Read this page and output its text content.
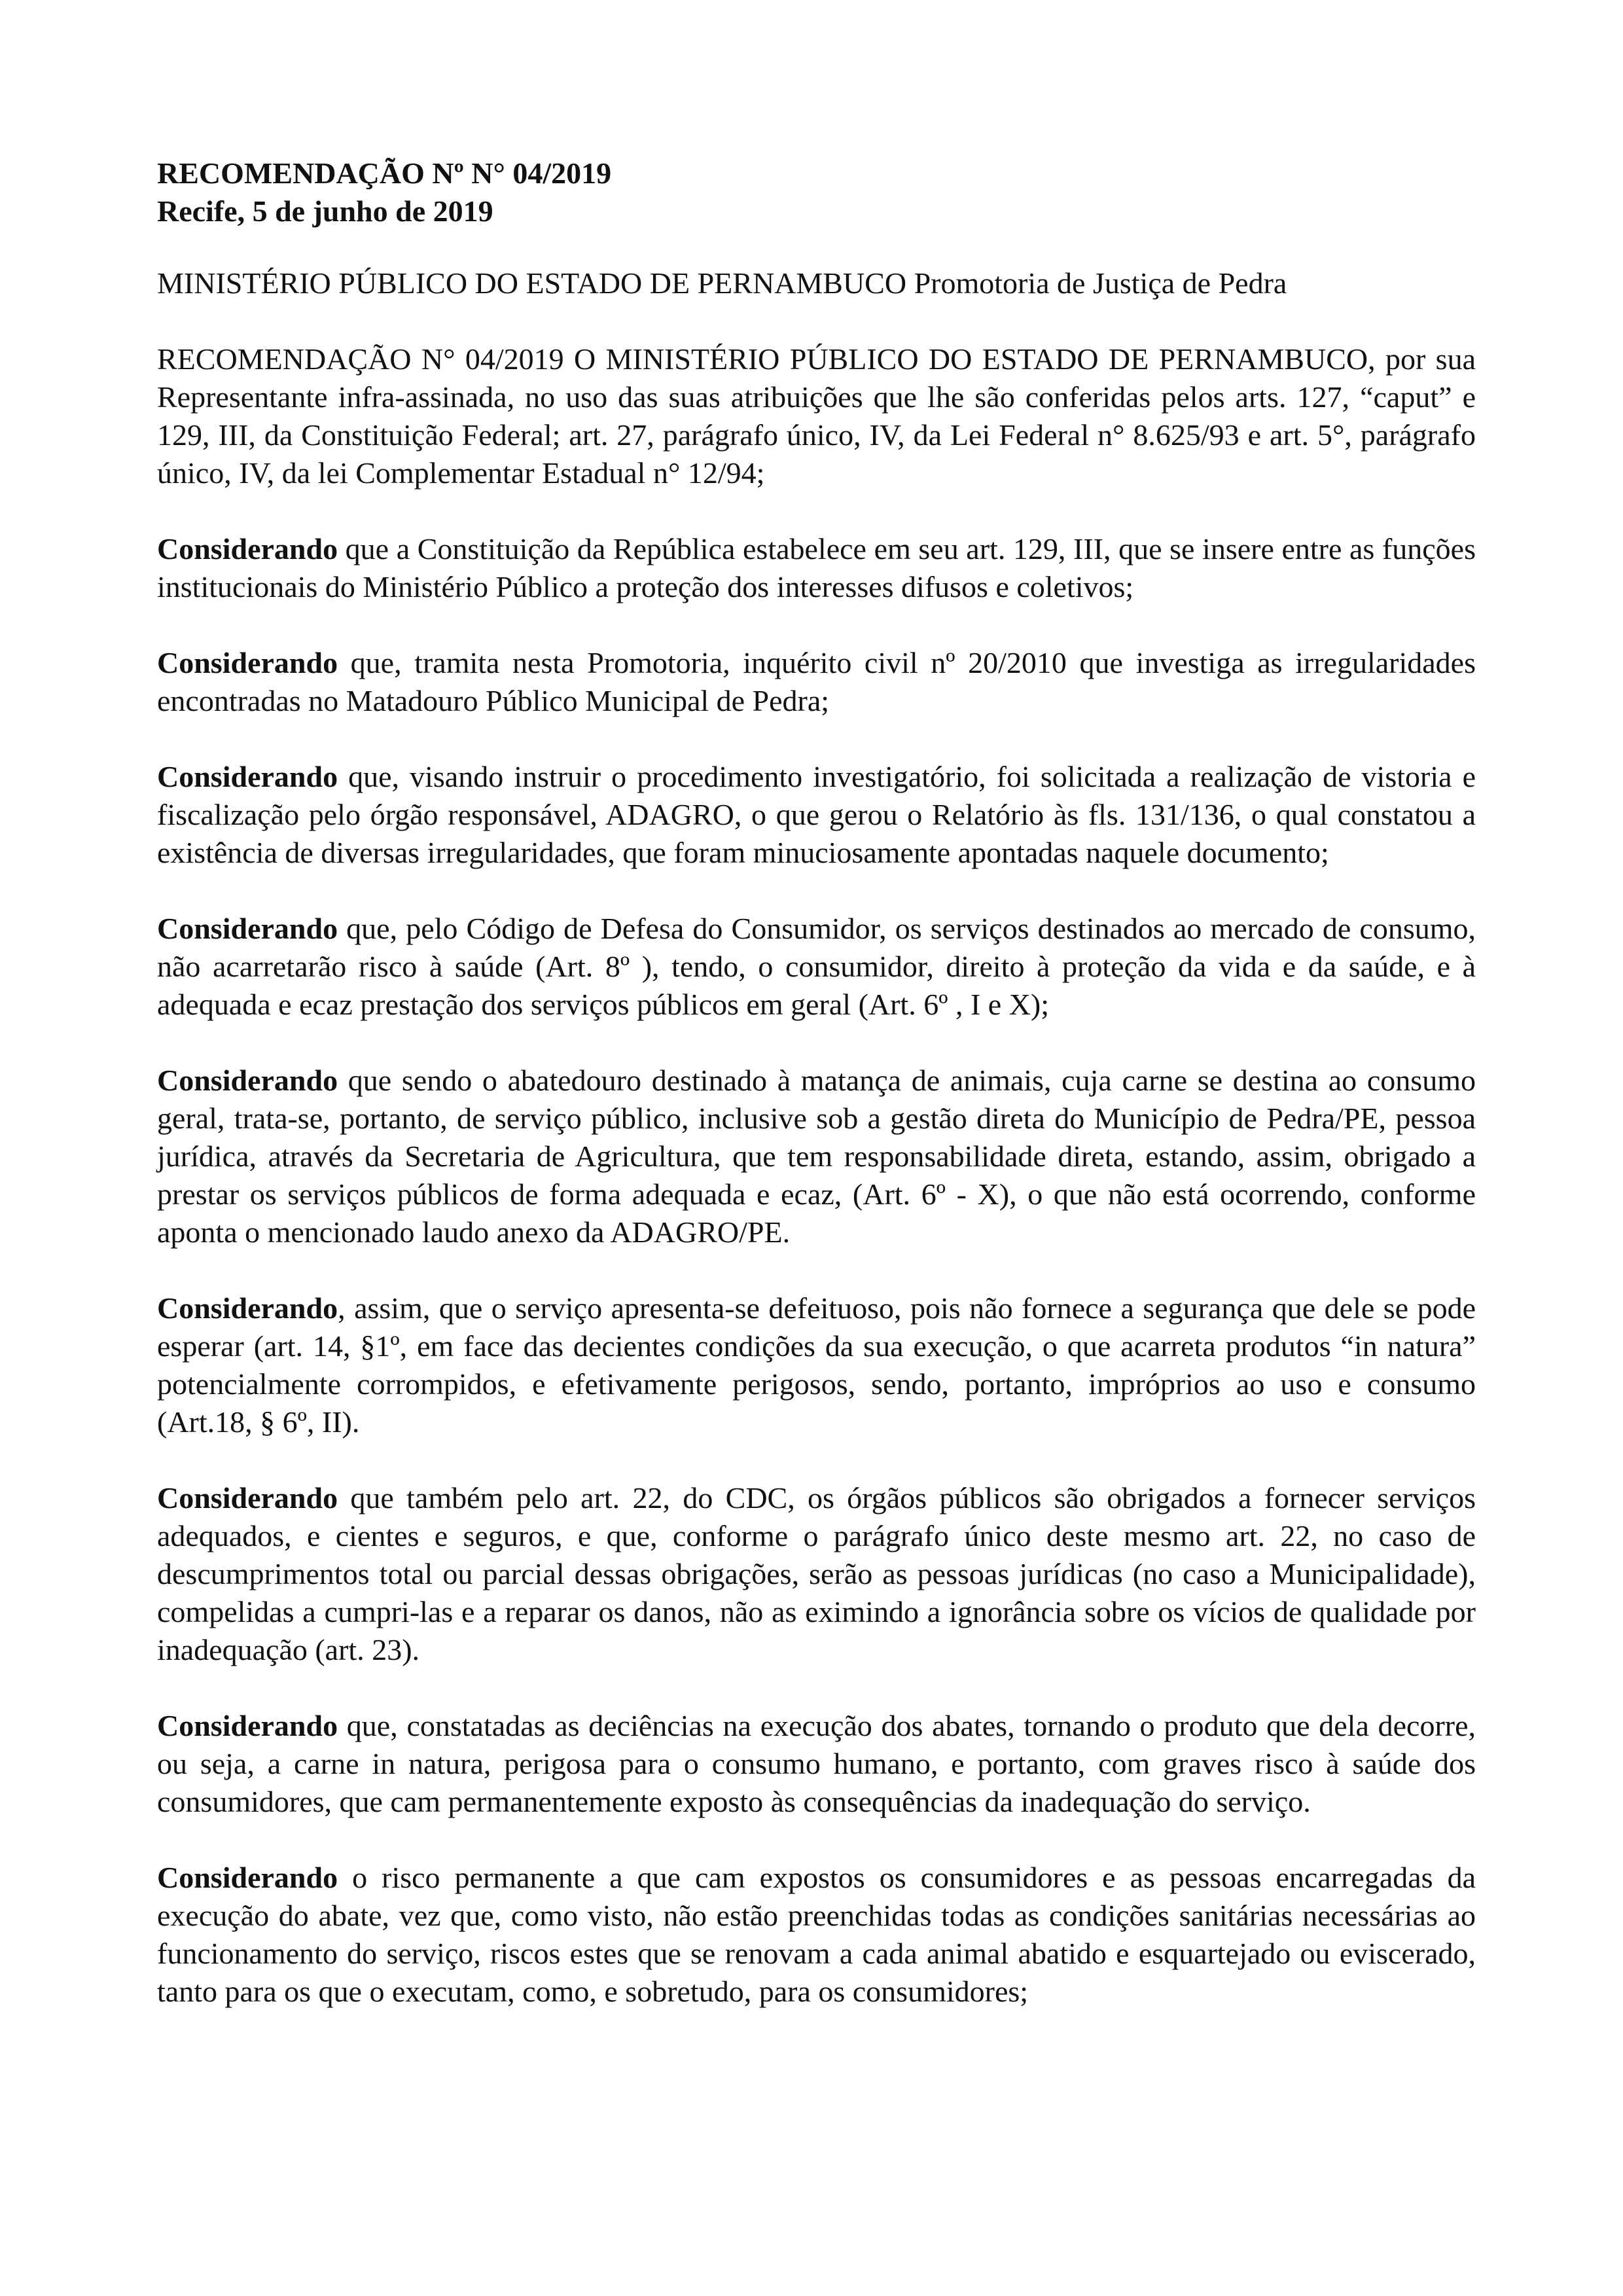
RECOMENDAÇÃO Nº N° 04/2019
Recife, 5 de junho de 2019
MINISTÉRIO PÚBLICO DO ESTADO DE PERNAMBUCO Promotoria de Justiça de Pedra

RECOMENDAÇÃO N° 04/2019 O MINISTÉRIO PÚBLICO DO ESTADO DE PERNAMBUCO, por sua Representante infra-assinada, no uso das suas atribuições que lhe são conferidas pelos arts. 127, “caput” e 129, III, da Constituição Federal; art. 27, parágrafo único, IV, da Lei Federal n° 8.625/93 e art. 5°, parágrafo único, IV, da lei Complementar Estadual n° 12/94;

Considerando que a Constituição da República estabelece em seu art. 129, III, que se insere entre as funções institucionais do Ministério Público a proteção dos interesses difusos e coletivos;

Considerando que, tramita nesta Promotoria, inquérito civil nº 20/2010 que investiga as irregularidades encontradas no Matadouro Público Municipal de Pedra;

Considerando que, visando instruir o procedimento investigatório, foi solicitada a realização de vistoria e fiscalização pelo órgão responsável, ADAGRO, o que gerou o Relatório às fls. 131/136, o qual constatou a existência de diversas irregularidades, que foram minuciosamente apontadas naquele documento;

Considerando que, pelo Código de Defesa do Consumidor, os serviços destinados ao mercado de consumo, não acarretarão risco à saúde (Art. 8º ), tendo, o consumidor, direito à proteção da vida e da saúde, e à adequada e ecaz prestação dos serviços públicos em geral (Art. 6º , I e X);

Considerando que sendo o abatedouro destinado à matança de animais, cuja carne se destina ao consumo geral, trata-se, portanto, de serviço público, inclusive sob a gestão direta do Município de Pedra/PE, pessoa jurídica, através da Secretaria de Agricultura, que tem responsabilidade direta, estando, assim, obrigado a prestar os serviços públicos de forma adequada e ecaz, (Art. 6º - X), o que não está ocorrendo, conforme aponta o mencionado laudo anexo da ADAGRO/PE.

Considerando, assim, que o serviço apresenta-se defeituoso, pois não fornece a segurança que dele se pode esperar (art. 14, §1º, em face das decientes condições da sua execução, o que acarreta produtos “in natura” potencialmente corrompidos, e efetivamente perigosos, sendo, portanto, impróprios ao uso e consumo (Art.18, § 6º, II).

Considerando que também pelo art. 22, do CDC, os órgãos públicos são obrigados a fornecer serviços adequados, e cientes e seguros, e que, conforme o parágrafo único deste mesmo art. 22, no caso de descumprimentos total ou parcial dessas obrigações, serão as pessoas jurídicas (no caso a Municipalidade), compelidas a cumpri-las e a reparar os danos, não as eximindo a ignorância sobre os vícios de qualidade por inadequação (art. 23).

Considerando que, constatadas as deciências na execução dos abates, tornando o produto que dela decorre, ou seja, a carne in natura, perigosa para o consumo humano, e portanto, com graves risco à saúde dos consumidores, que cam permanentemente exposto às consequências da inadequação do serviço.

Considerando o risco permanente a que cam expostos os consumidores e as pessoas encarregadas da execução do abate, vez que, como visto, não estão preenchidas todas as condições sanitárias necessárias ao funcionamento do serviço, riscos estes que se renovam a cada animal abatido e esquartejado ou eviscerado, tanto para os que o executam, como, e sobretudo, para os consumidores;
